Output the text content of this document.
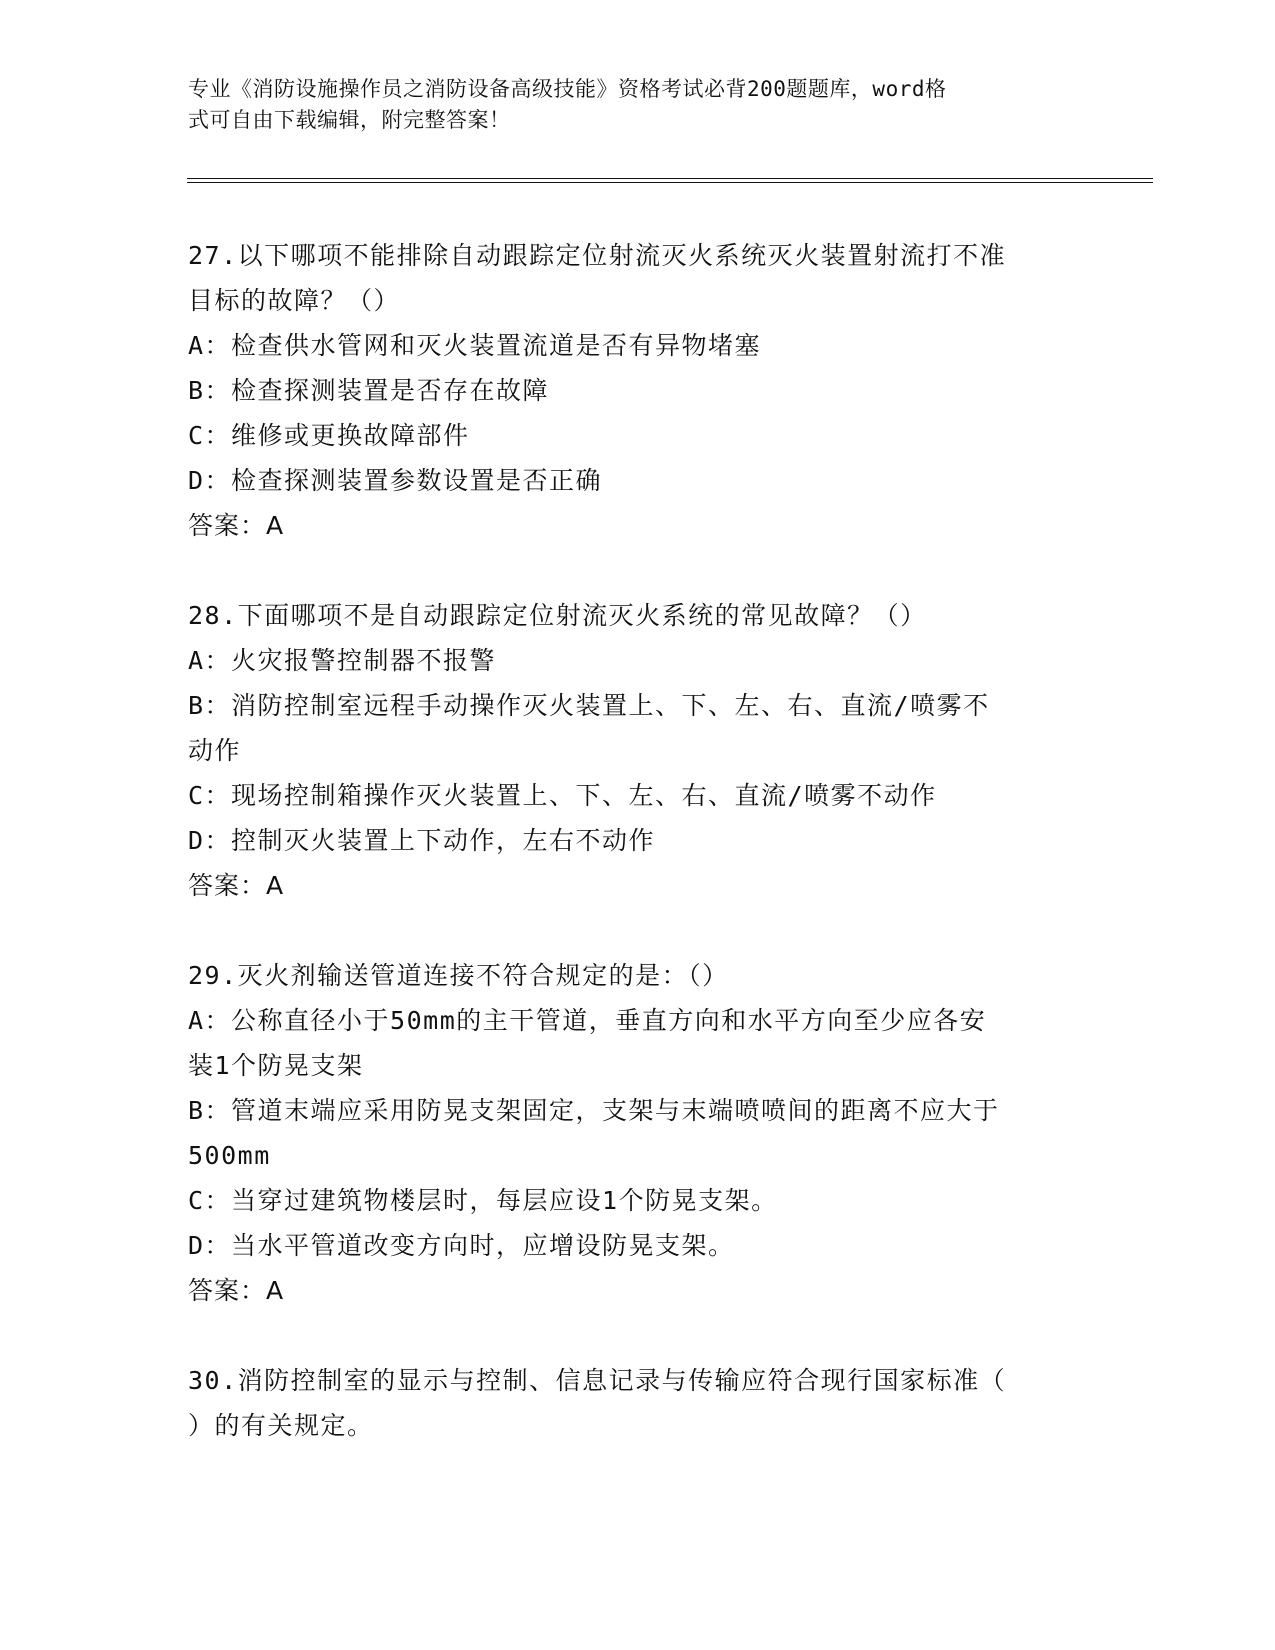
专业《消防设施操作员之消防设备高级技能》资格考试必背200题题库，word格
式可自由下载编辑，附完整答案！

27.以下哪项不能排除自动跟踪定位射流灭火系统灭火装置射流打不准

目标的故障？（）

A：检查供水管网和灭火装置流道是否有异物堵塞

B：检查探测装置是否存在故障

C：维修或更换故障部件

D：检查探测装置参数设置是否正确

答案：A

28.下面哪项不是自动跟踪定位射流灭火系统的常见故障？（）

A：火灾报警控制器不报警

B：消防控制室远程手动操作灭火装置上、下、左、右、直流/喷雾不

动作

C：现场控制箱操作灭火装置上、下、左、右、直流/喷雾不动作

D：控制灭火装置上下动作，左右不动作

答案：A

29.灭火剂输送管道连接不符合规定的是：（）

A：公称直径小于50mm的主干管道，垂直方向和水平方向至少应各安

装1个防晃支架

B：管道末端应采用防晃支架固定，支架与末端喷喷间的距离不应大于

500mm

C：当穿过建筑物楼层时，每层应设1个防晃支架。

D：当水平管道改变方向时，应增设防晃支架。

答案：A

30.消防控制室的显示与控制、信息记录与传输应符合现行国家标准（

）的有关规定。
